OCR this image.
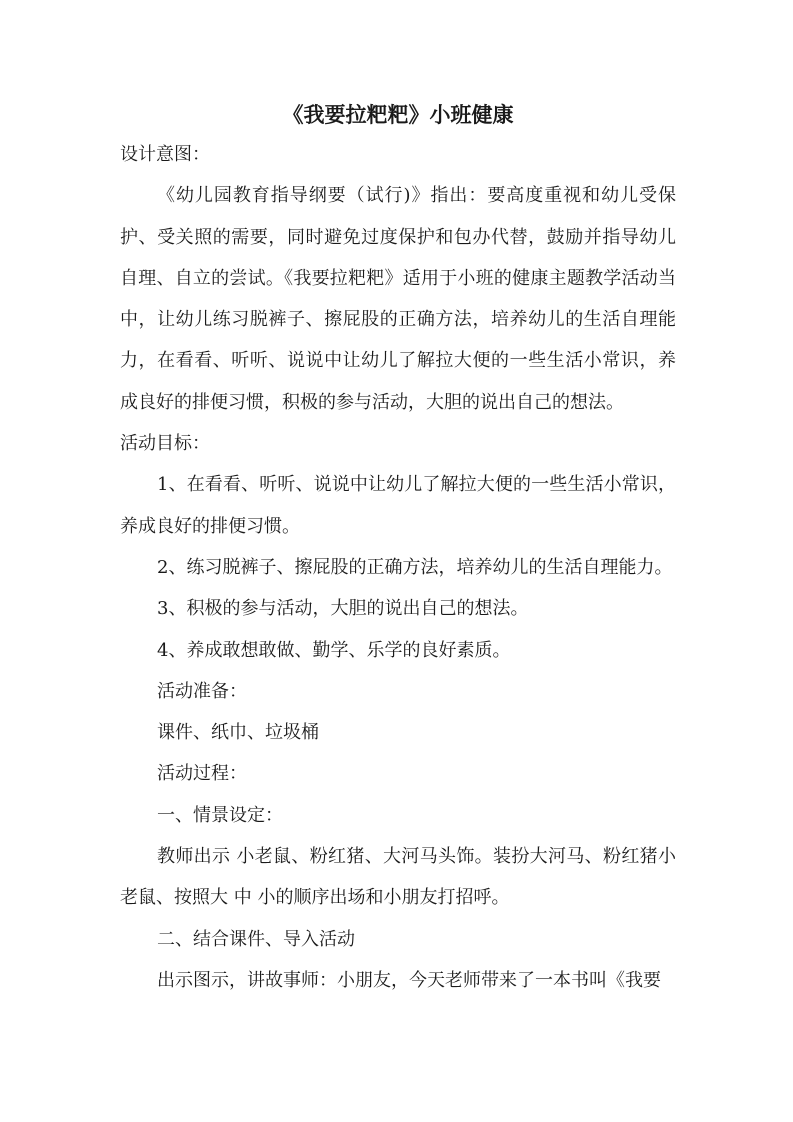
《我要拉粑粑》小班健康

设计意图：

《幼儿园教育指导纲要（试行)》指出：要高度重视和幼儿受保护、受关照的需要，同时避免过度保护和包办代替，鼓励并指导幼儿自理、自立的尝试。《我要拉粑粑》适用于小班的健康主题教学活动当中，让幼儿练习脱裤子、擦屁股的正确方法，培养幼儿的生活自理能力，在看看、听听、说说中让幼儿了解拉大便的一些生活小常识，养成良好的排便习惯，积极的参与活动，大胆的说出自己的想法。

活动目标：

1、在看看、听听、说说中让幼儿了解拉大便的一些生活小常识，养成良好的排便习惯。

2、练习脱裤子、擦屁股的正确方法，培养幼儿的生活自理能力。

3、积极的参与活动，大胆的说出自己的想法。

4、养成敢想敢做、勤学、乐学的良好素质。

活动准备：

课件、纸巾、垃圾桶

活动过程：

一、情景设定：

教师出示 小老鼠、粉红猪、大河马头饰。装扮大河马、粉红猪小老鼠、按照大 中 小的顺序出场和小朋友打招呼。

二、结合课件、导入活动

出示图示，讲故事师：小朋友，今天老师带来了一本书叫《我要
